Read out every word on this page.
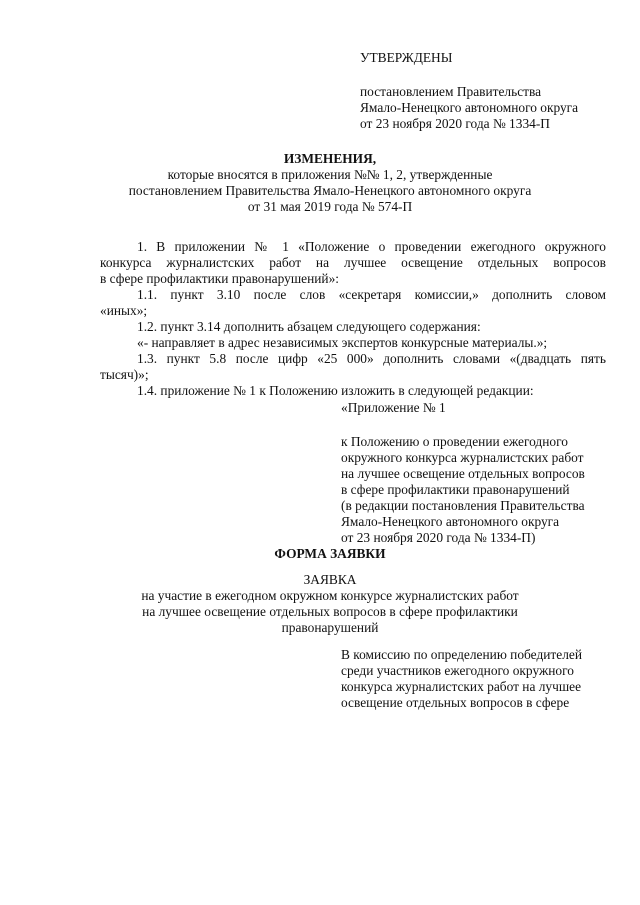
УТВЕРЖДЕНЫ
постановлением Правительства
Ямало-Ненецкого автономного округа
от 23 ноября 2020 года № 1334-П
ИЗМЕНЕНИЯ,
которые вносятся в приложения №№ 1, 2, утвержденные
постановлением Правительства Ямало-Ненецкого автономного округа
от 31 мая 2019 года № 574-П
1. В приложении № 1 «Положение о проведении ежегодного окружного
конкурса журналистских работ на лучшее освещение отдельных вопросов
в сфере профилактики правонарушений»:
1.1. пункт 3.10 после слов «секретаря комиссии,» дополнить словом
«иных»;
1.2. пункт 3.14 дополнить абзацем следующего содержания:
«- направляет в адрес независимых экспертов конкурсные материалы.»;
1.3. пункт 5.8 после цифр «25 000» дополнить словами «(двадцать пять
тысяч)»;
1.4. приложение № 1 к Положению изложить в следующей редакции:
«Приложение № 1
к Положению о проведении ежегодного
окружного конкурса журналистских работ
на лучшее освещение отдельных вопросов
в сфере профилактики правонарушений
(в редакции постановления Правительства
Ямало-Ненецкого автономного округа
от 23 ноября 2020 года № 1334-П)
ФОРМА ЗАЯВКИ
ЗАЯВКА
на участие в ежегодном окружном конкурсе журналистских работ
на лучшее освещение отдельных вопросов в сфере профилактики
правонарушений
В комиссию по определению победителей
среди участников ежегодного окружного
конкурса журналистских работ на лучшее
освещение отдельных вопросов в сфере
